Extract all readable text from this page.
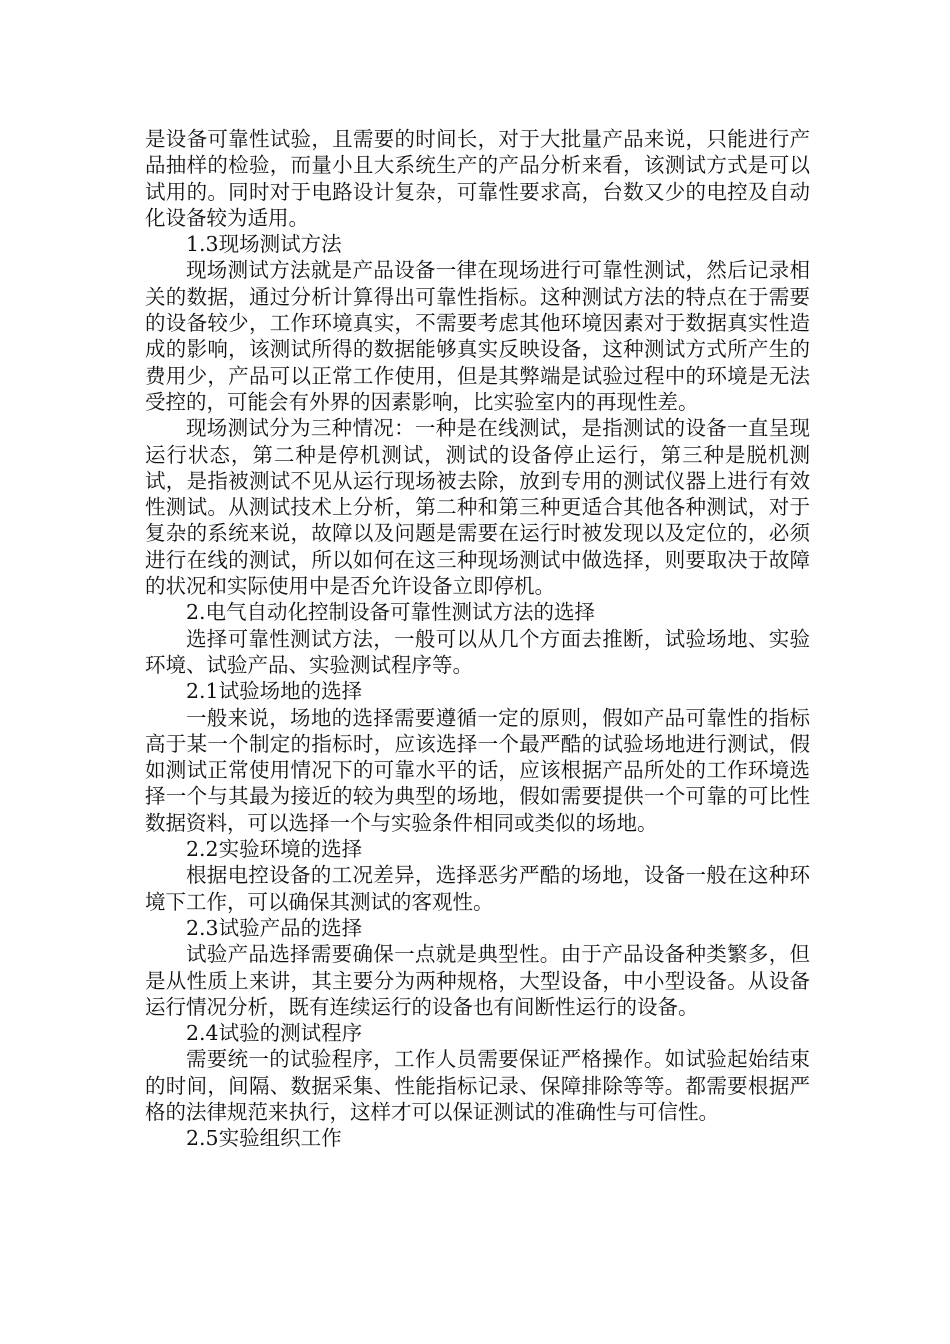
是设备可靠性试验，且需要的时间长，对于大批量产品来说，只能进行产品抽样的检验，而量小且大系统生产的产品分析来看，该测试方式是可以试用的。同时对于电路设计复杂，可靠性要求高，台数又少的电控及自动化设备较为适用。

1.3现场测试方法

现场测试方法就是产品设备一律在现场进行可靠性测试，然后记录相关的数据，通过分析计算得出可靠性指标。这种测试方法的特点在于需要的设备较少，工作环境真实，不需要考虑其他环境因素对于数据真实性造成的影响，该测试所得的数据能够真实反映设备，这种测试方式所产生的费用少，产品可以正常工作使用，但是其弊端是试验过程中的环境是无法受控的，可能会有外界的因素影响，比实验室内的再现性差。

现场测试分为三种情况：一种是在线测试，是指测试的设备一直呈现运行状态，第二种是停机测试，测试的设备停止运行，第三种是脱机测试，是指被测试不见从运行现场被去除，放到专用的测试仪器上进行有效性测试。从测试技术上分析，第二种和第三种更适合其他各种测试，对于复杂的系统来说，故障以及问题是需要在运行时被发现以及定位的，必须进行在线的测试，所以如何在这三种现场测试中做选择，则要取决于故障的状况和实际使用中是否允许设备立即停机。

2.电气自动化控制设备可靠性测试方法的选择

选择可靠性测试方法，一般可以从几个方面去推断，试验场地、实验环境、试验产品、实验测试程序等。

2.1试验场地的选择

一般来说，场地的选择需要遵循一定的原则，假如产品可靠性的指标高于某一个制定的指标时，应该选择一个最严酷的试验场地进行测试，假如测试正常使用情况下的可靠水平的话，应该根据产品所处的工作环境选择一个与其最为接近的较为典型的场地，假如需要提供一个可靠的可比性数据资料，可以选择一个与实验条件相同或类似的场地。

2.2实验环境的选择

根据电控设备的工况差异，选择恶劣严酷的场地，设备一般在这种环境下工作，可以确保其测试的客观性。

2.3试验产品的选择

试验产品选择需要确保一点就是典型性。由于产品设备种类繁多，但是从性质上来讲，其主要分为两种规格，大型设备，中小型设备。从设备运行情况分析，既有连续运行的设备也有间断性运行的设备。

2.4试验的测试程序

需要统一的试验程序，工作人员需要保证严格操作。如试验起始结束的时间，间隔、数据采集、性能指标记录、保障排除等等。都需要根据严格的法律规范来执行，这样才可以保证测试的准确性与可信性。

2.5实验组织工作
